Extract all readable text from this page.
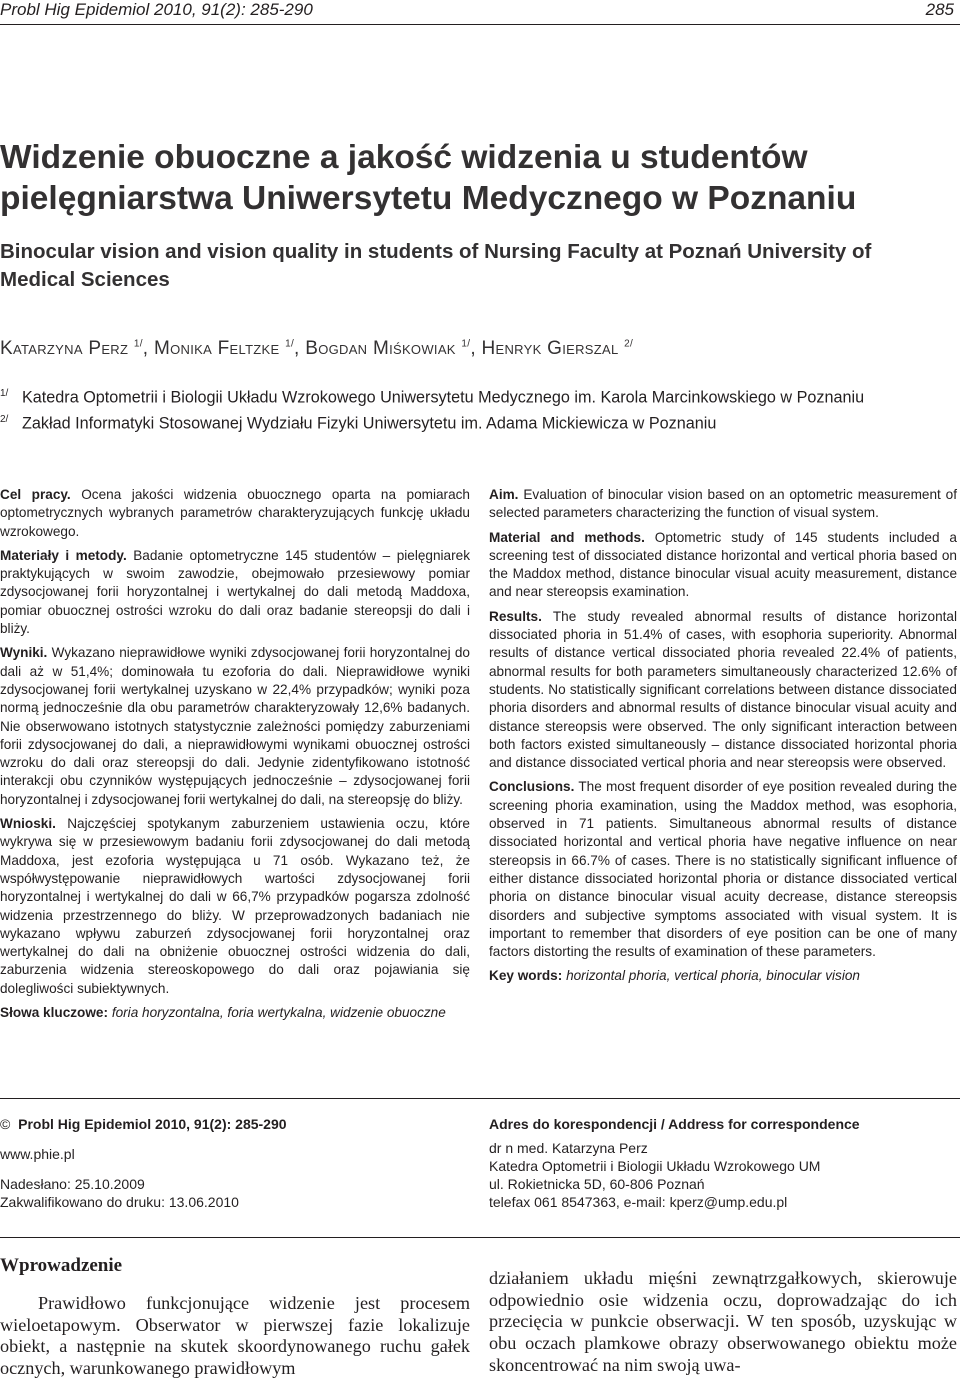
Probl Hig Epidemiol 2010, 91(2): 285-290	285
Widzenie obuoczne a jakość widzenia u studentów pielęgniarstwa Uniwersytetu Medycznego w Poznaniu
Binocular vision and vision quality in students of Nursing Faculty at Poznań University of Medical Sciences
Katarzyna Perz $^{1/}$, Monika Feltzke $^{1/}$, Bogdan Miśkowiak $^{1/}$, Henryk Gierszal $^{2/}$
$^{1/}$ Katedra Optometrii i Biologii Układu Wzrokowego Uniwersytetu Medycznego im. Karola Marcinkowskiego w Poznaniu
$^{2/}$ Zakład Informatyki Stosowanej Wydziału Fizyki Uniwersytetu im. Adama Mickiewicza w Poznaniu

Cel pracy. Ocena jakości widzenia obuocznego oparta na pomiarach optometrycznych wybranych parametrów charakteryzujących funkcję układu wzrokowego.

Materiały i metody. Badanie optometryczne 145 studentów – pielęgniarek praktykujących w swoim zawodzie, obejmowało przesiewowy pomiar zdysocjowanej forii horyzontalnej i wertykalnej do dali metodą Maddoxa, pomiar obuocznej ostrości wzroku do dali oraz badanie stereopsji do dali i bliży.

Wyniki. Wykazano nieprawidłowe wyniki zdysocjowanej forii horyzontalnej do dali aż w 51,4%; dominowała tu ezoforia do dali. Nieprawidłowe wyniki zdysocjowanej forii wertykalnej uzyskano w 22,4% przypadków; wyniki poza normą jednocześnie dla obu parametrów charakteryzowały 12,6% badanych. Nie obserwowano istotnych statystycznie zależności pomiędzy zaburzeniami forii zdysocjowanej do dali, a nieprawidłowymi wynikami obuocznej ostrości wzroku do dali oraz stereopsji do dali. Jedynie zidentyfikowano istotność interakcji obu czynników występujących jednocześnie – zdysocjowanej forii horyzontalnej i zdysocjowanej forii wertykalnej do dali, na stereopsję do bliży.

Wnioski. Najczęściej spotykanym zaburzeniem ustawienia oczu, które wykrywa się w przesiewowym badaniu forii zdysocjowanej do dali metodą Maddoxa, jest ezoforia występująca u 71 osób. Wykazano też, że współwystępowanie nieprawidłowych wartości zdysocjowanej forii horyzontalnej i wertykalnej do dali w 66,7% przypadków pogarsza zdolność widzenia przestrzennego do bliży. W przeprowadzonych badaniach nie wykazano wpływu zaburzeń zdysocjowanej forii horyzontalnej oraz wertykalnej do dali na obniżenie obuocznej ostrości widzenia do dali, zaburzenia widzenia stereoskopowego do dali oraz pojawiania się dolegliwości subiektywnych.

Słowa kluczowe: foria horyzontalna, foria wertykalna, widzenie obuoczne

Aim. Evaluation of binocular vision based on an optometric measurement of selected parameters characterizing the function of visual system.

Material and methods. Optometric study of 145 students included a screening test of dissociated distance horizontal and vertical phoria based on the Maddox method, distance binocular visual acuity measurement, distance and near stereopsis examination.

Results. The study revealed abnormal results of distance horizontal dissociated phoria in 51.4% of cases, with esophoria superiority. Abnormal results of distance vertical dissociated phoria revealed 22.4% of patients, abnormal results for both parameters simultaneously characterized 12.6% of students. No statistically significant correlations between distance dissociated phoria disorders and abnormal results of distance binocular visual acuity and distance stereopsis were observed. The only significant interaction between both factors existed simultaneously – distance dissociated horizontal phoria and distance dissociated vertical phoria and near stereopsis were observed.

Conclusions. The most frequent disorder of eye position revealed during the screening phoria examination, using the Maddox method, was esophoria, observed in 71 patients. Simultaneous abnormal results of distance dissociated horizontal and vertical phoria have negative influence on near stereopsis in 66.7% of cases. There is no statistically significant influence of either distance dissociated horizontal phoria or distance dissociated vertical phoria on distance binocular visual acuity decrease, distance stereopsis disorders and subjective symptoms associated with visual system. It is important to remember that disorders of eye position can be one of many factors distorting the results of examination of these parameters.

Key words: horizontal phoria, vertical phoria, binocular vision

© Probl Hig Epidemiol 2010, 91(2): 285-290
www.phie.pl
Nadesłano: 25.10.2009
Zakwalifikowano do druku: 13.06.2010
Adres do korespondencji / Address for correspondence
dr n med. Katarzyna Perz
Katedra Optometrii i Biologii Układu Wzrokowego UM
ul. Rokietnicka 5D, 60-806 Poznań
telefax 061 8547363, e-mail: kperz@ump.edu.pl
Wprowadzenie
Prawidłowo funkcjonujące widzenie jest procesem wieloetapowym. Obserwator w pierwszej fazie lokalizuje obiekt, a następnie na skutek skoordynowanego ruchu gałek ocznych, warunkowanego prawidłowym
działaniem układu mięśni zewnątrzgałkowych, skierowuje odpowiednio osie widzenia oczu, doprowadzając do ich przecięcia w punkcie obserwacji. W ten sposób, uzyskując w obu oczach plamkowe obrazy obserwowanego obiektu może skoncentrować na nim swoją uwa-
